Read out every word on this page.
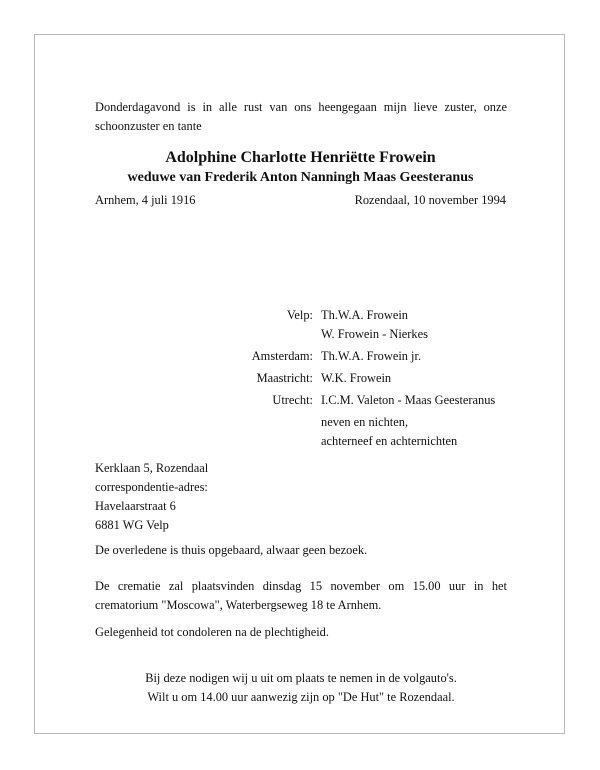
Donderdagavond is in alle rust van ons heengegaan mijn lieve zuster, onze schoonzuster en tante

Adolphine Charlotte Henriëtte Frowein
weduwe van Frederik Anton Nanningh Maas Geesteranus

Arnhem, 4 juli 1916	Rozendaal, 10 november 1994

Velp: Th.W.A. Frowein
W. Frowein - Nierkes
Amsterdam: Th.W.A. Frowein jr.
Maastricht: W.K. Frowein
Utrecht: I.C.M. Valeton - Maas Geesteranus
neven en nichten,
achterneef en achternichten
Kerklaan 5, Rozendaal
correspondentie-adres:
Havelaarstraat 6
6881 WG Velp

De overledene is thuis opgebaard, alwaar geen bezoek.

De crematie zal plaatsvinden dinsdag 15 november om 15.00 uur in het crematorium "Moscowa", Waterbergseweg 18 te Arnhem.

Gelegenheid tot condoleren na de plechtigheid.

Bij deze nodigen wij u uit om plaats te nemen in de volgauto's.
Wilt u om 14.00 uur aanwezig zijn op "De Hut" te Rozendaal.
